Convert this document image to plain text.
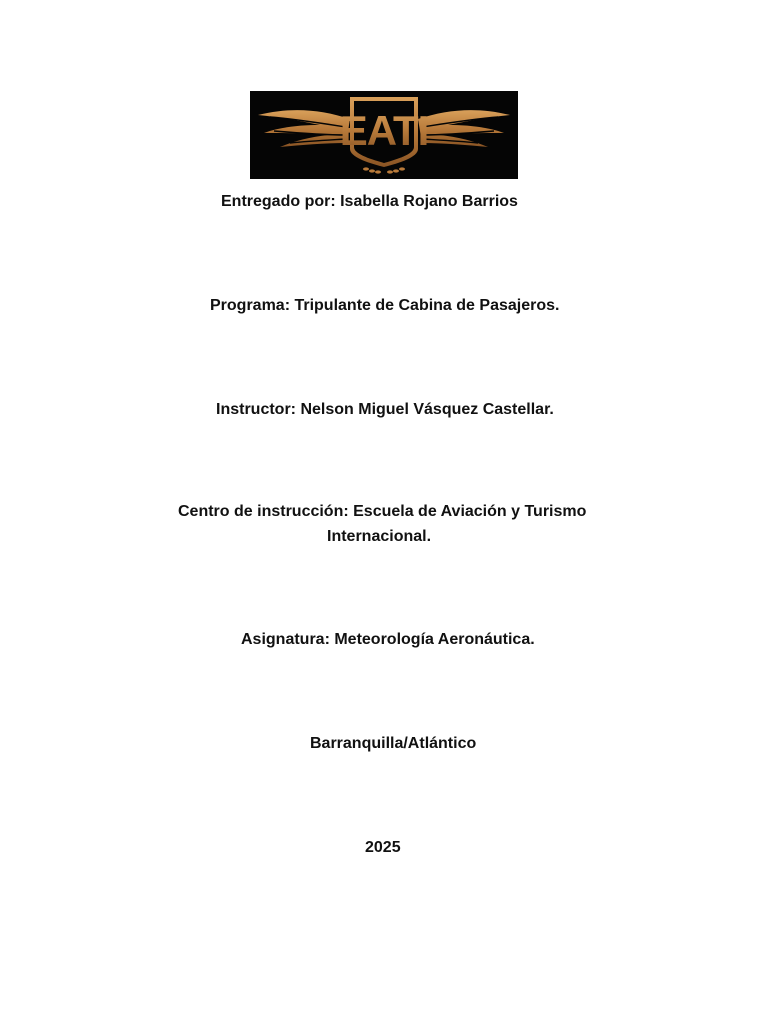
EATI
Entregado por: Isabella Rojano Barrios
Programa: Tripulante de Cabina de Pasajeros.
Instructor: Nelson Miguel Vásquez Castellar.
Centro de instrucción: Escuela de Aviación y Turismo
Internacional.
Asignatura: Meteorología Aeronáutica.
Barranquilla/Atlántico
2025
